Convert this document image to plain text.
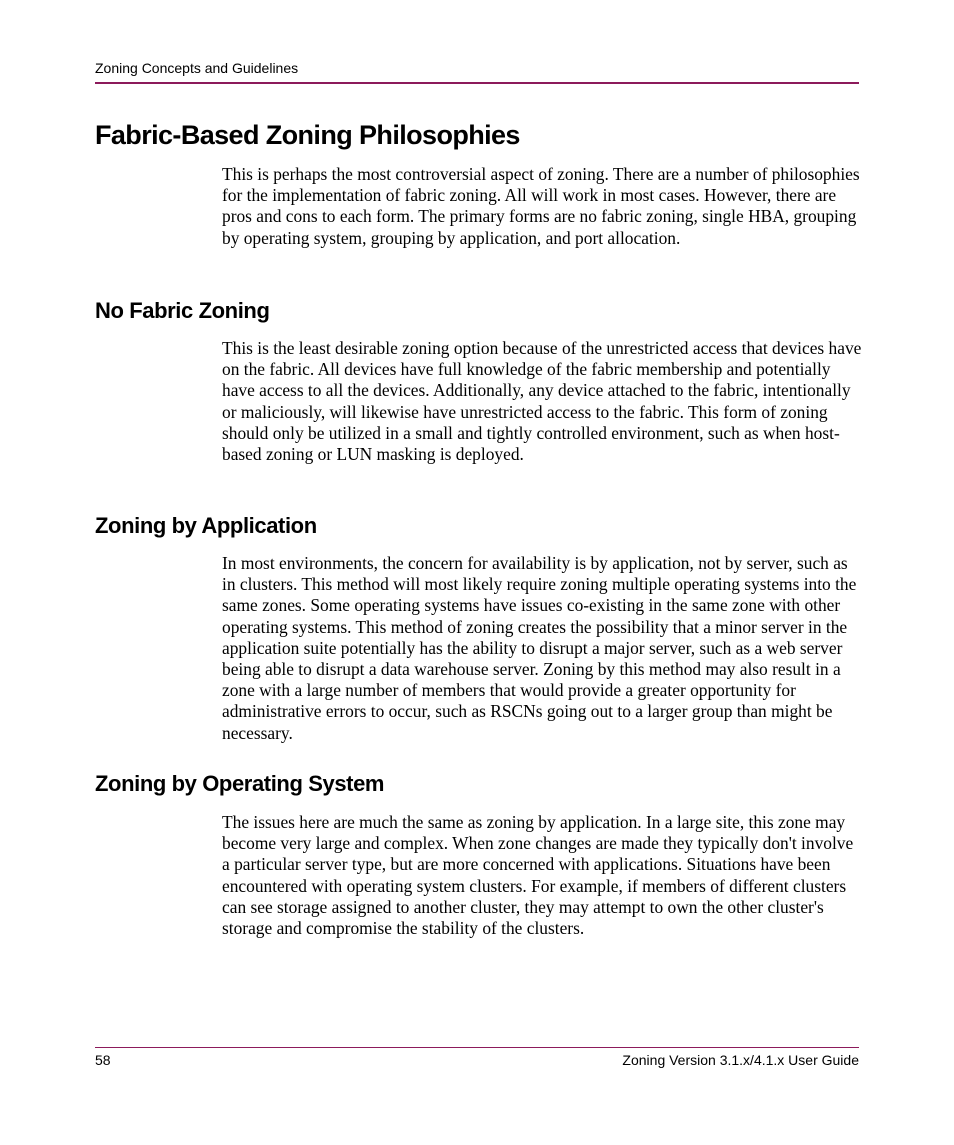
Zoning Concepts and Guidelines
Fabric-Based Zoning Philosophies

This is perhaps the most controversial aspect of zoning. There are a number of philosophies for the implementation of fabric zoning. All will work in most cases. However, there are pros and cons to each form. The primary forms are no fabric zoning, single HBA, grouping by operating system, grouping by application, and port allocation.

No Fabric Zoning

This is the least desirable zoning option because of the unrestricted access that devices have on the fabric. All devices have full knowledge of the fabric membership and potentially have access to all the devices. Additionally, any device attached to the fabric, intentionally or maliciously, will likewise have unrestricted access to the fabric. This form of zoning should only be utilized in a small and tightly controlled environment, such as when host-based zoning or LUN masking is deployed.

Zoning by Application

In most environments, the concern for availability is by application, not by server, such as in clusters. This method will most likely require zoning multiple operating systems into the same zones. Some operating systems have issues co-existing in the same zone with other operating systems. This method of zoning creates the possibility that a minor server in the application suite potentially has the ability to disrupt a major server, such as a web server being able to disrupt a data warehouse server. Zoning by this method may also result in a zone with a large number of members that would provide a greater opportunity for administrative errors to occur, such as RSCNs going out to a larger group than might be necessary.

Zoning by Operating System

The issues here are much the same as zoning by application. In a large site, this zone may become very large and complex. When zone changes are made they typically don't involve a particular server type, but are more concerned with applications. Situations have been encountered with operating system clusters. For example, if members of different clusters can see storage assigned to another cluster, they may attempt to own the other cluster's storage and compromise the stability of the clusters.

58	Zoning Version 3.1.x/4.1.x User Guide
